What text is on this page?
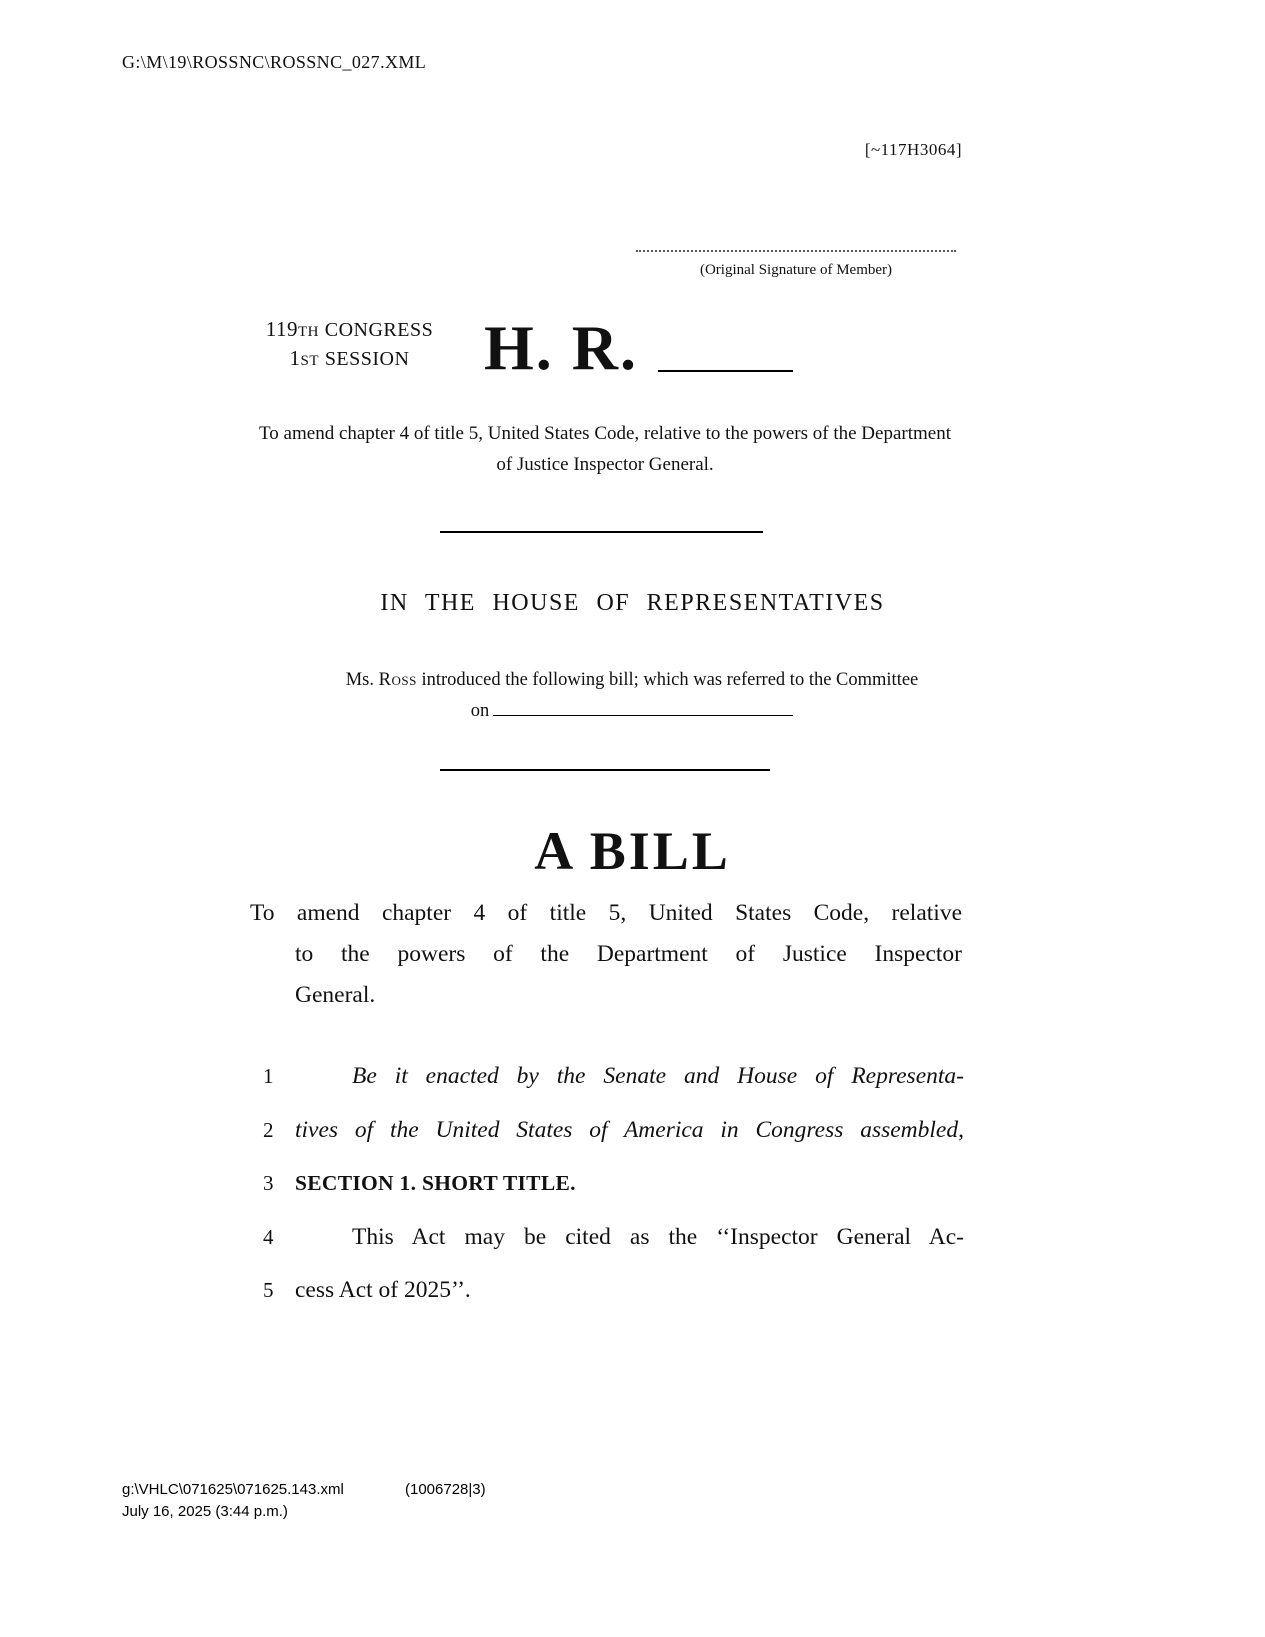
G:\M\19\ROSSNC\ROSSNC_027.XML
[~117H3064]
(Original Signature of Member)
119TH CONGRESS
1ST SESSION	H. R.
To amend chapter 4 of title 5, United States Code, relative to the powers of the Department of Justice Inspector General.
IN THE HOUSE OF REPRESENTATIVES
Ms. Ross introduced the following bill; which was referred to the Committee
on
A BILL
To amend chapter 4 of title 5, United States Code, relative
to the powers of the Department of Justice Inspector
General.
1	Be it enacted by the Senate and House of Representa-
2 tives of the United States of America in Congress assembled,
3	SECTION 1. SHORT TITLE.
4	This Act may be cited as the ‘‘Inspector General Ac-
5 cess Act of 2025’’.
g:\VHLC\071625\071625.143.xml	(1006728|3)
July 16, 2025 (3:44 p.m.)
